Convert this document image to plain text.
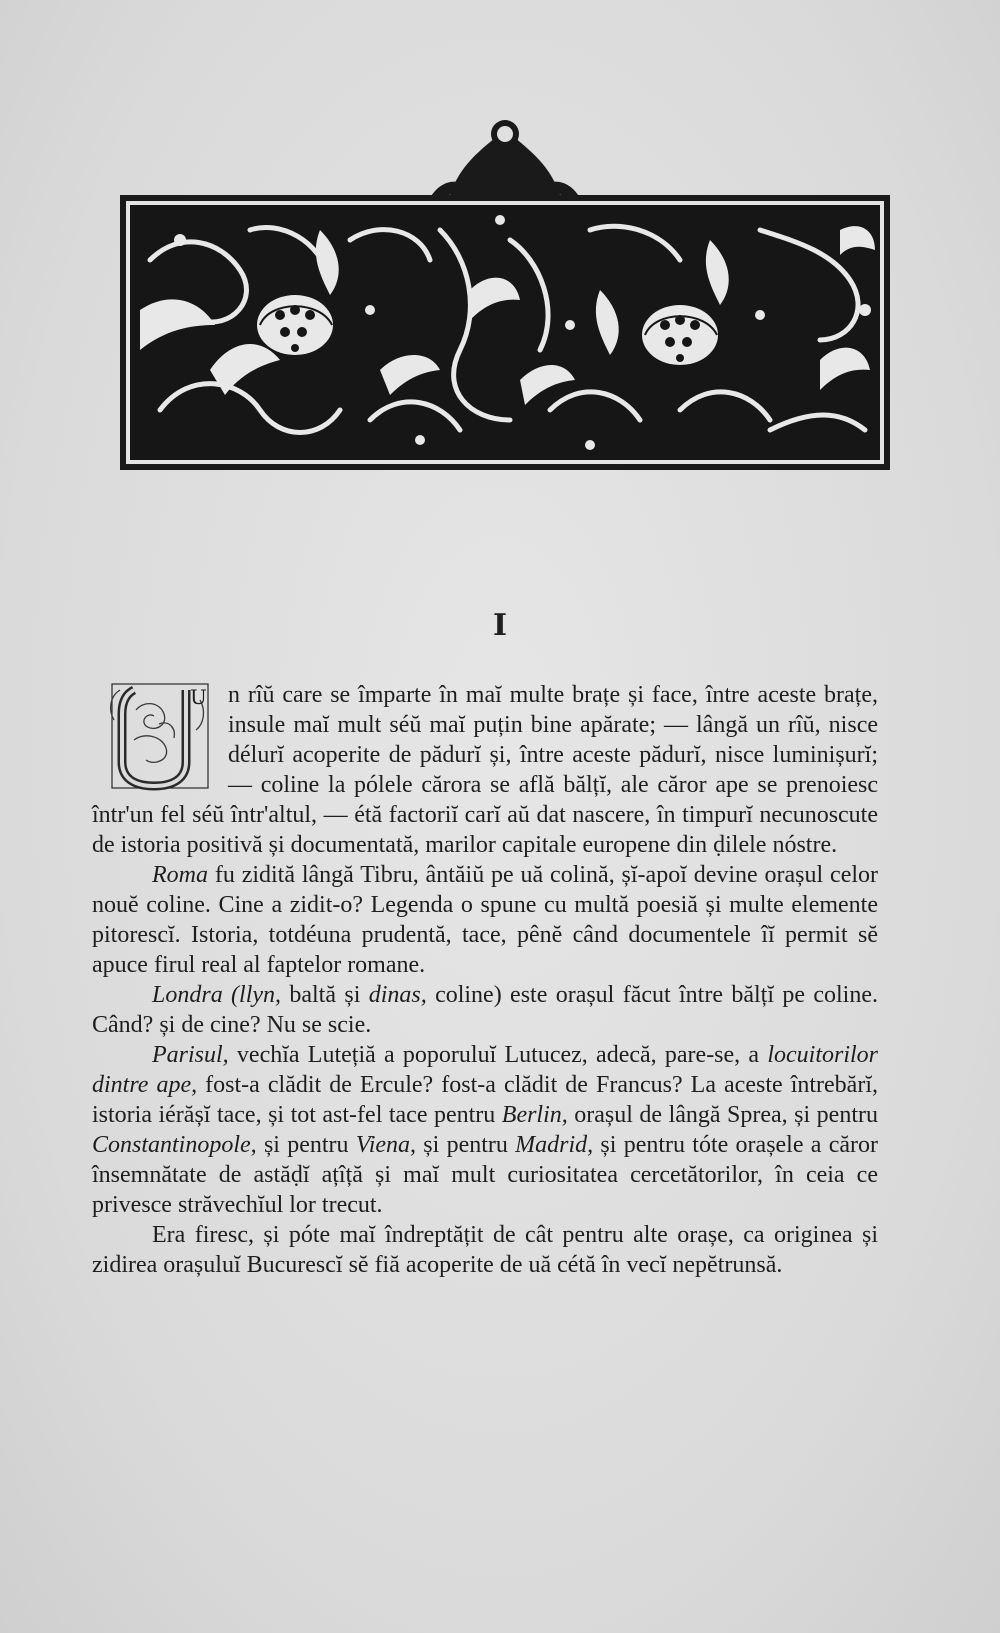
I

U n rîŭ care se împarte în maĭ multe brațe și face, între aceste brațe, insule maĭ mult séŭ maĭ puțin bine apărate; — lângă un rîŭ, nisce délurĭ acoperite de pădurĭ și, între aceste pădurĭ, nisce luminișurĭ; — coline la pólele cărora se află bălțĭ, ale căror ape se prenoiesc într'un fel séŭ într'altul, — étă factoriĭ carĭ aŭ dat nascere, în timpurĭ necunoscute de istoria positivă și documentată, marilor capitale europene din ḍilele nóstre.

Roma fu zidită lângă Tibru, ântăiŭ pe uă colină, șĭ-apoĭ devine orașul celor nouĕ coline. Cine a zidit-o? Legenda o spune cu multă poesiă și multe elemente pitorescĭ. Istoria, totdéuna prudentă, tace, pênĕ când documentele îĭ permit sĕ apuce firul real al faptelor romane.

Londra (llyn, baltă și dinas, coline) este orașul făcut între bălțĭ pe coline. Când? și de cine? Nu se scie.

Parisul, vechĭa Lutețiă a poporuluĭ Lutucez, adecă, pare-se, a locuitorilor dintre ape, fost-a clădit de Ercule? fost-a clădit de Francus? La aceste întrebărĭ, istoria iérășĭ tace, și tot ast-fel tace pentru Berlin, orașul de lângă Sprea, și pentru Constantinopole, și pentru Viena, și pentru Madrid, și pentru tóte orașele a căror însemnătate de astăḍĭ ațîță și maĭ mult curiositatea cercetătorilor, în ceia ce privesce străvechĭul lor trecut.

Era firesc, și póte maĭ îndreptățit de cât pentru alte orașe, ca originea și zidirea orașuluĭ Bucurescĭ sĕ fiă acoperite de uă cétă în vecĭ nepĕtrunsă.
